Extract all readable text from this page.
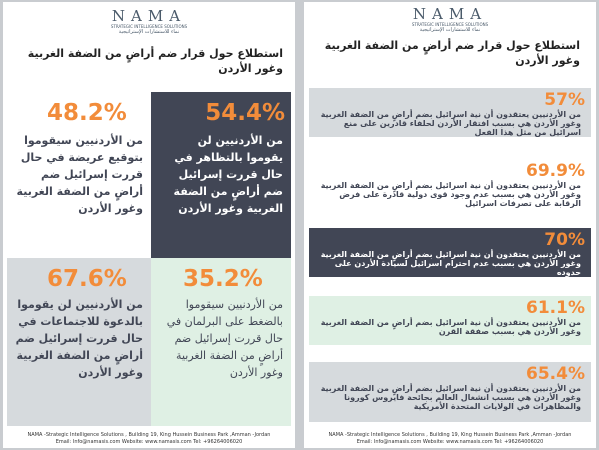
NAMA
STRATEGIC INTELLIGENCE SOLUTIONS
نماء للاستشارات الإستراتيجية
استطلاع حول قرار ضم أراضٍ من الضفة الغربية وغور الأردن
54.4%
من الأردنيين لن يقوموا بالتظاهر في حال قررت إسرائيل ضم أراضٍ من الضفة الغربية وغور الأردن
48.2%
من الأردنيين سيقوموا بتوقيع عريضة في حال قررت إسرائيل ضم أراضٍ من الضفة الغربية وغور الأردن
35.2%
من الأردنيين سيقوموا بالضغط على البرلمان في حال قررت إسرائيل ضم أراضٍ من الضفة الغربية وغور الأردن
67.6%
من الأردنيين لن يقوموا بالدعوة للاجتماعات في حال قررت إسرائيل ضم أراضٍ من الضفة الغربية وغور الأردن
NAMA -Strategic Intelligence Solutions , Building 19, King Hussein Business Park ,Amman -Jordan
Email: Info@namasis.com Website: www.namasis.com Tel: +96264006020
NAMA
STRATEGIC INTELLIGENCE SOLUTIONS
نماء للاستشارات الإستراتيجية
استطلاع حول قرار ضم أراضٍ من الضفة الغربية وغور الأردن
57%
من الأردنيين يعتقدون أن نية اسرائيل بضم أراضٍ من الضفة الغربية وغور الأردن هي بسبب افتقار الأردن لحلفاء قادرين على منع اسرائيل من مثل هذا الفعل
69.9%
من الأردنيين يعتقدون أن نية اسرائيل بضم أراضٍ من الضفة الغربية وغور الأردن هي بسبب عدم وجود قوى دولية قادرة على فرض الرقابة على تصرفات اسرائيل
70%
من الأردنيين يعتقدون أن نية اسرائيل بضم أراضٍ من الضفة الغربية وغور الأردن هي بسبب عدم احترام اسرائيل لسيادة الأردن على حدوده
61.1%
من الأردنيين يعتقدون أن نية اسرائيل بضم أراضٍ من الضفة الغربية وغور الأردن هي بسبب صفقة القرن
65.4%
من الأردنيين يعتقدون أن نية اسرائيل بضم أراضٍ من الضفة الغربية وغور الأردن هي بسبب انشغال العالم بجائحة فايروس كورونا والمظاهرات في الولايات المتحدة الأمريكية
NAMA -Strategic Intelligence Solutions , Building 19, King Hussein Business Park ,Amman -Jordan
Email: Info@namasis.com Website: www.namasis.com Tel: +96264006020
